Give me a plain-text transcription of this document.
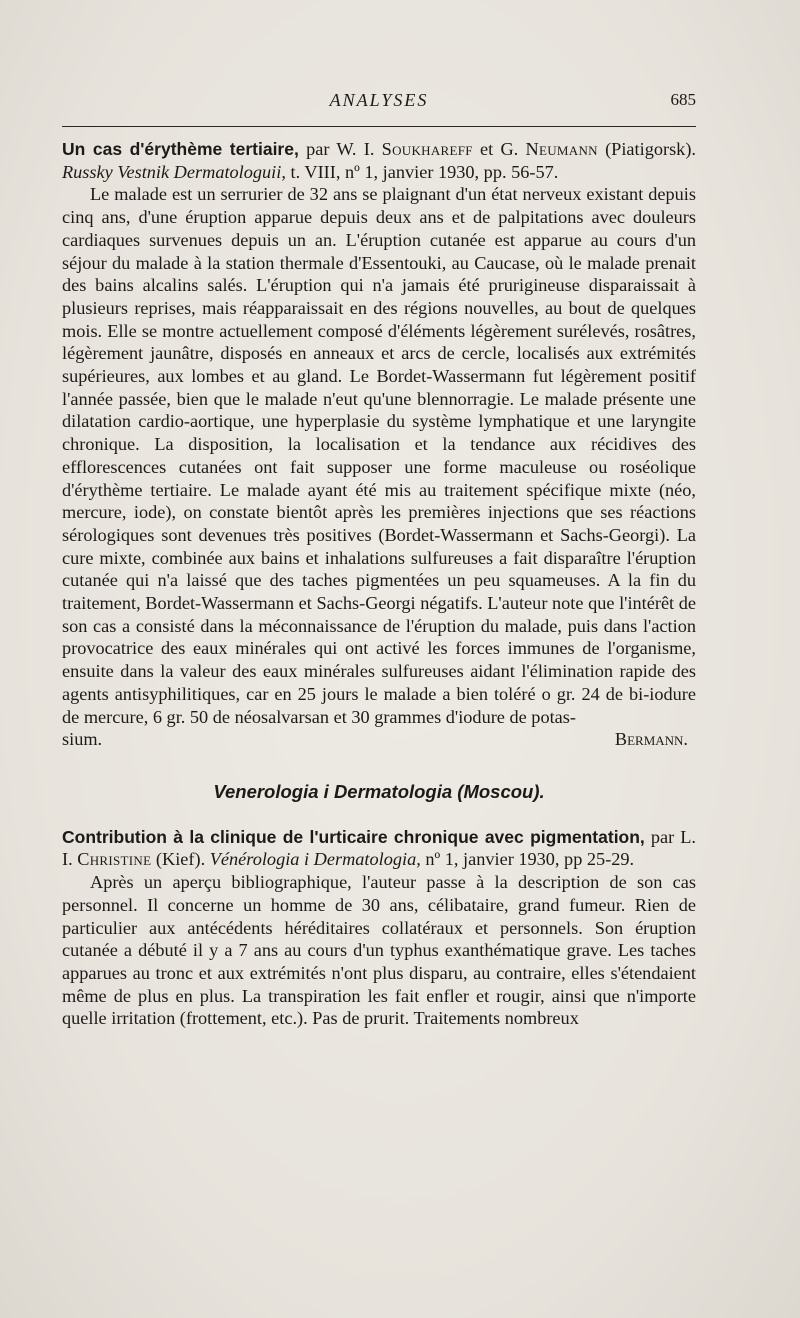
ANALYSES	685

Un cas d'érythème tertiaire, par W. I. Soukhareff et G. Neumann (Piatigorsk). Russky Vestnik Dermatologuii, t. VIII, nº 1, janvier 1930, pp. 56-57.

Le malade est un serrurier de 32 ans se plaignant d'un état nerveux existant depuis cinq ans, d'une éruption apparue depuis deux ans et de palpitations avec douleurs cardiaques survenues depuis un an. L'éruption cutanée est apparue au cours d'un séjour du malade à la station thermale d'Essentouki, au Caucase, où le malade prenait des bains alcalins salés. L'éruption qui n'a jamais été prurigineuse disparaissait à plusieurs reprises, mais réapparaissait en des régions nouvelles, au bout de quelques mois. Elle se montre actuellement composé d'éléments légèrement surélevés, rosâtres, légèrement jaunâtre, disposés en anneaux et arcs de cercle, localisés aux extrémités supérieures, aux lombes et au gland. Le Bordet-Wassermann fut légèrement positif l'année passée, bien que le malade n'eut qu'une blennorragie. Le malade présente une dilatation cardio-aortique, une hyperplasie du système lymphatique et une laryngite chronique. La disposition, la localisation et la tendance aux récidives des efflorescences cutanées ont fait supposer une forme maculeuse ou roséolique d'érythème tertiaire. Le malade ayant été mis au traitement spécifique mixte (néo, mercure, iode), on constate bientôt après les premières injections que ses réactions sérologiques sont devenues très positives (Bordet-Wassermann et Sachs-Georgi). La cure mixte, combinée aux bains et inhalations sulfureuses a fait disparaître l'éruption cutanée qui n'a laissé que des taches pigmentées un peu squameuses. A la fin du traitement, Bordet-Wassermann et Sachs-Georgi négatifs. L'auteur note que l'intérêt de son cas a consisté dans la méconnaissance de l'éruption du malade, puis dans l'action provocatrice des eaux minérales qui ont activé les forces immunes de l'organisme, ensuite dans la valeur des eaux minérales sulfureuses aidant l'élimination rapide des agents antisyphilitiques, car en 25 jours le malade a bien toléré o gr. 24 de bi-iodure de mercure, 6 gr. 50 de néosalvarsan et 30 grammes d'iodure de potas-

sium.	Bermann.

Venerologia i Dermatologia (Moscou).

Contribution à la clinique de l'urticaire chronique avec pigmentation, par L. I. Christine (Kief). Vénérologia i Dermatologia, nº 1, janvier 1930, pp 25-29.

Après un aperçu bibliographique, l'auteur passe à la description de son cas personnel. Il concerne un homme de 30 ans, célibataire, grand fumeur. Rien de particulier aux antécédents héréditaires collatéraux et personnels. Son éruption cutanée a débuté il y a 7 ans au cours d'un typhus exanthématique grave. Les taches apparues au tronc et aux extrémités n'ont plus disparu, au contraire, elles s'étendaient même de plus en plus. La transpiration les fait enfler et rougir, ainsi que n'importe quelle irritation (frottement, etc.). Pas de prurit. Traitements nombreux
